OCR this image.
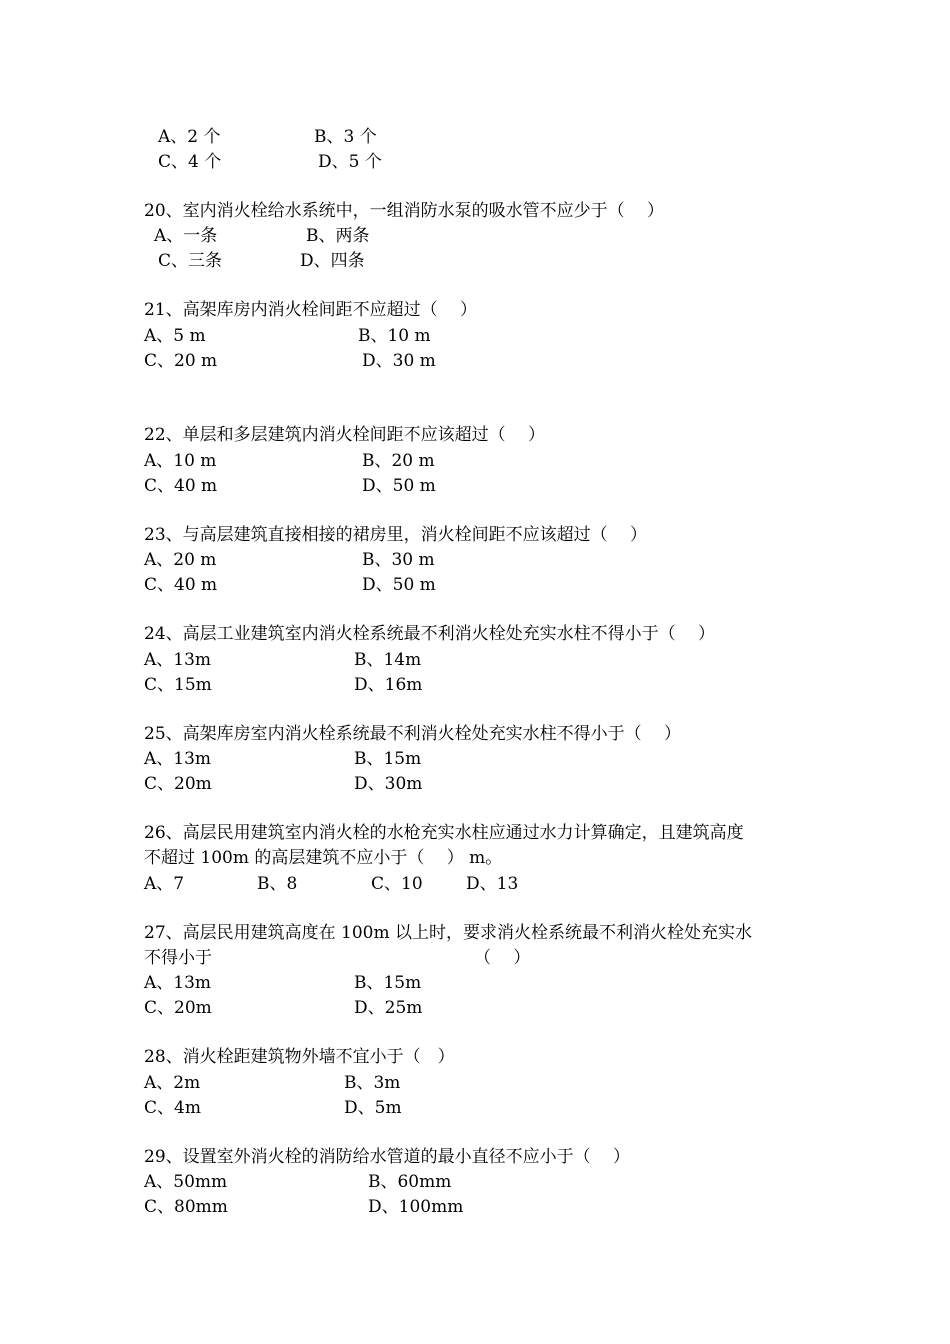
A、2 个	B、3 个
C、4 个	D、5 个
20、室内消火栓给水系统中，一组消防水泵的吸水管不应少于（　 ）
A、一条	B、两条
C、三条	D、四条
21、高架库房内消火栓间距不应超过（　 ）
A、5 m	B、10 m
C、20 m	D、30 m
22、单层和多层建筑内消火栓间距不应该超过（　 ）
A、10 m	B、20 m
C、40 m	D、50 m
23、与高层建筑直接相接的裙房里，消火栓间距不应该超过（　 ）
A、20 m	B、30 m
C、40 m	D、50 m
24、高层工业建筑室内消火栓系统最不利消火栓处充实水柱不得小于（　 ）
A、13m	B、14m
C、15m	D、16m
25、高架库房室内消火栓系统最不利消火栓处充实水柱不得小于（　 ）
A、13m	B、15m
C、20m	D、30m
26、高层民用建筑室内消火栓的水枪充实水柱应通过水力计算确定，且建筑高度
不超过 100m 的高层建筑不应小于（　 ） m。
A、7	B、8	C、10	D、13
27、高层民用建筑高度在 100m 以上时，要求消火栓系统最不利消火栓处充实水
不得小于	（　 ）
A、13m	B、15m
C、20m	D、25m
28、消火栓距建筑物外墙不宜小于（　）
A、2m	B、3m
C、4m	D、5m
29、设置室外消火栓的消防给水管道的最小直径不应小于（　 ）
A、50mm	B、60mm
C、80mm	D、100mm
